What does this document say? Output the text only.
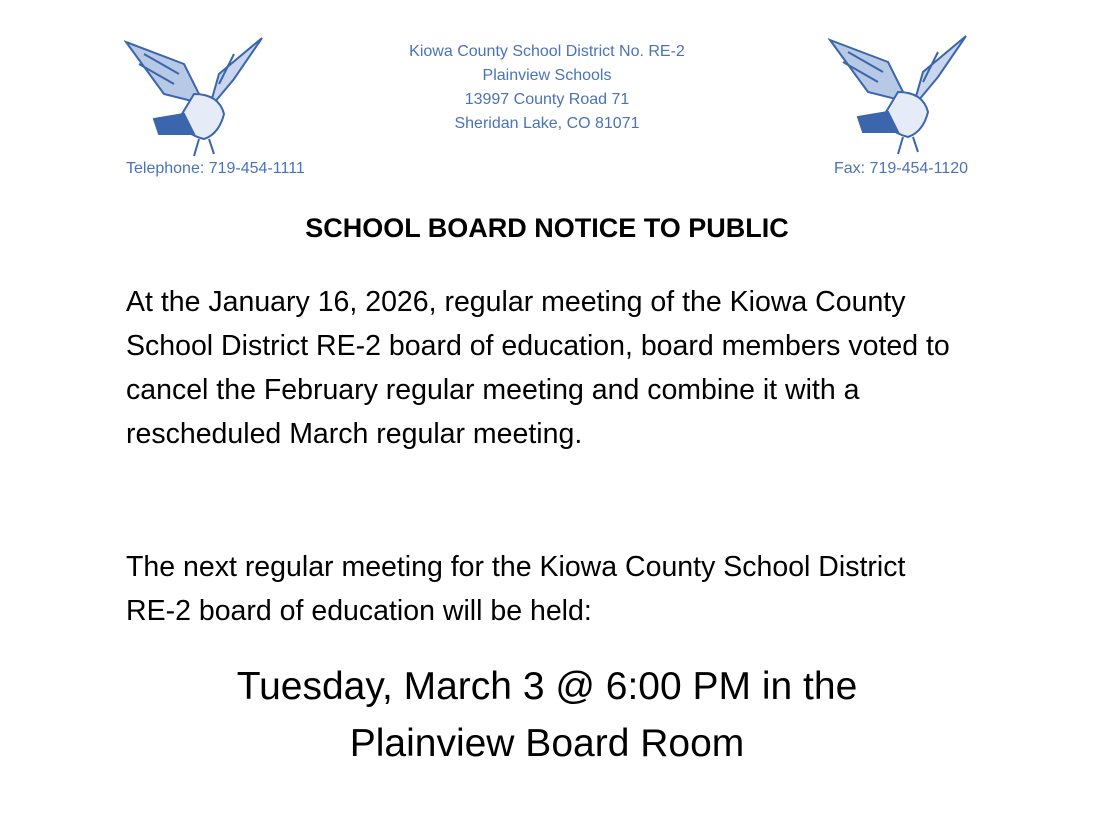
Kiowa County School District No. RE-2
Plainview Schools
13997 County Road 71
Sheridan Lake, CO 81071
Telephone: 719-454-1111	Fax: 719-454-1120
SCHOOL BOARD NOTICE TO PUBLIC
At the January 16, 2026, regular meeting of the Kiowa County School District RE-2 board of education, board members voted to cancel the February regular meeting and combine it with a rescheduled March regular meeting.
The next regular meeting for the Kiowa County School District RE-2 board of education will be held:
Tuesday, March 3 @ 6:00 PM in the
Plainview Board Room
